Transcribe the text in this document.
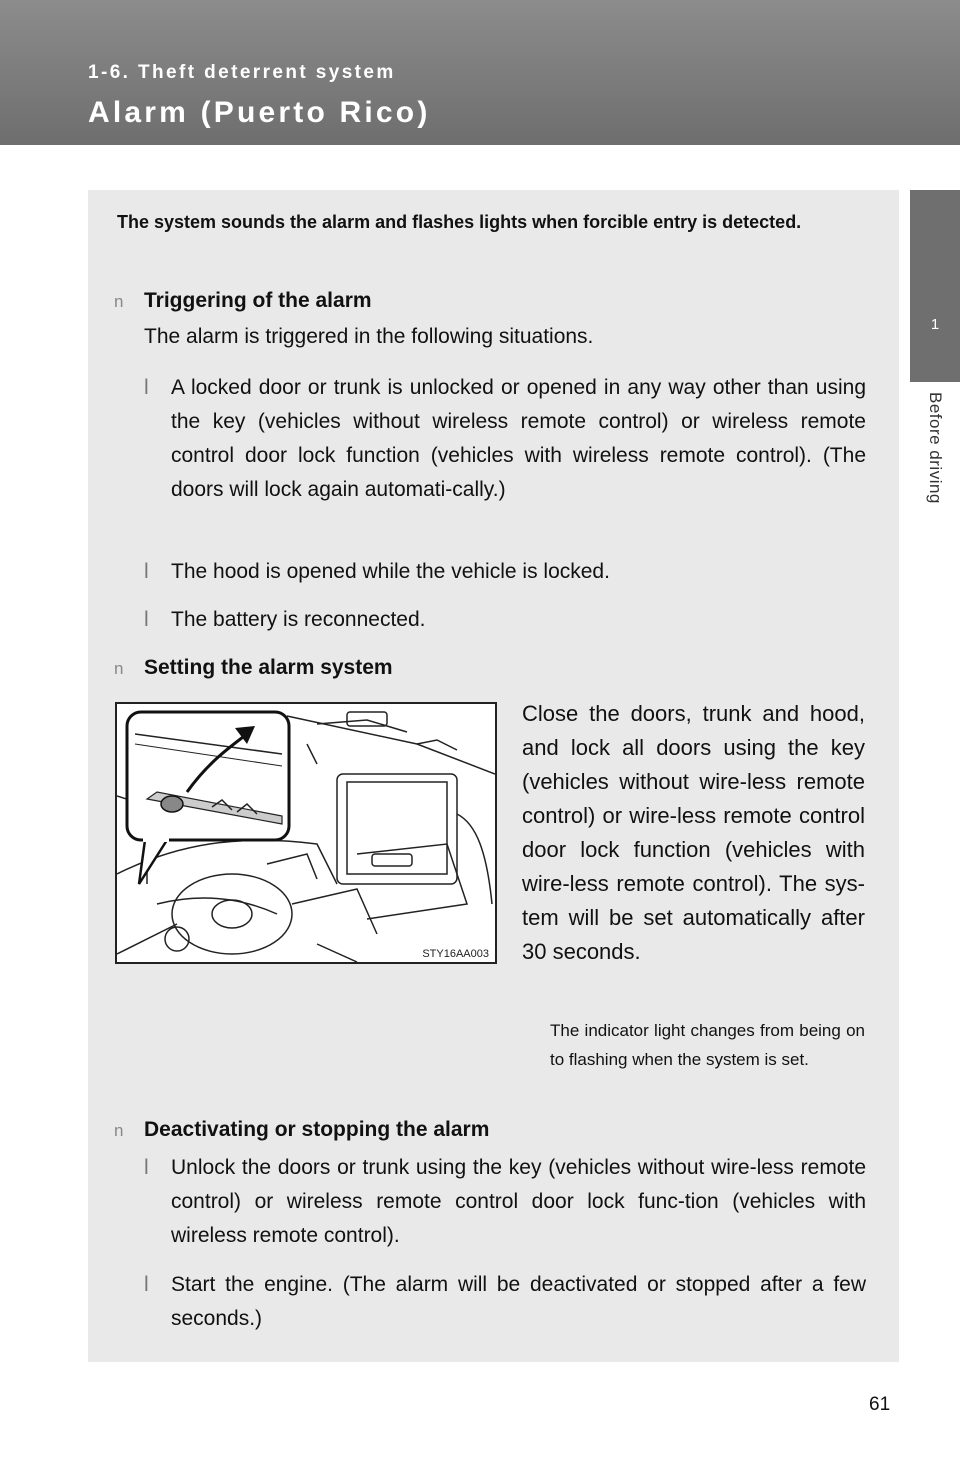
1-6. Theft deterrent system
Alarm (Puerto Rico)
1
Before driving
The system sounds the alarm and flashes lights when forcible entry is detected.
n Triggering of the alarm
The alarm is triggered in the following situations.
l A locked door or trunk is unlocked or opened in any way other than using the key (vehicles without wireless remote control) or wireless remote control door lock function (vehicles with wireless remote control). (The doors will lock again automati-cally.)
l The hood is opened while the vehicle is locked.
l The battery is reconnected.
n Setting the alarm system
STY16AA003
Close the doors, trunk and hood, and lock all doors using the key (vehicles without wire-less remote control) or wire-less remote control door lock function (vehicles with wire-less remote control). The sys-tem will be set automatically after 30 seconds.
The indicator light changes from being on to flashing when the system is set.
n Deactivating or stopping the alarm
l Unlock the doors or trunk using the key (vehicles without wire-less remote control) or wireless remote control door lock func-tion (vehicles with wireless remote control).
l Start the engine. (The alarm will be deactivated or stopped after a few seconds.)
61
